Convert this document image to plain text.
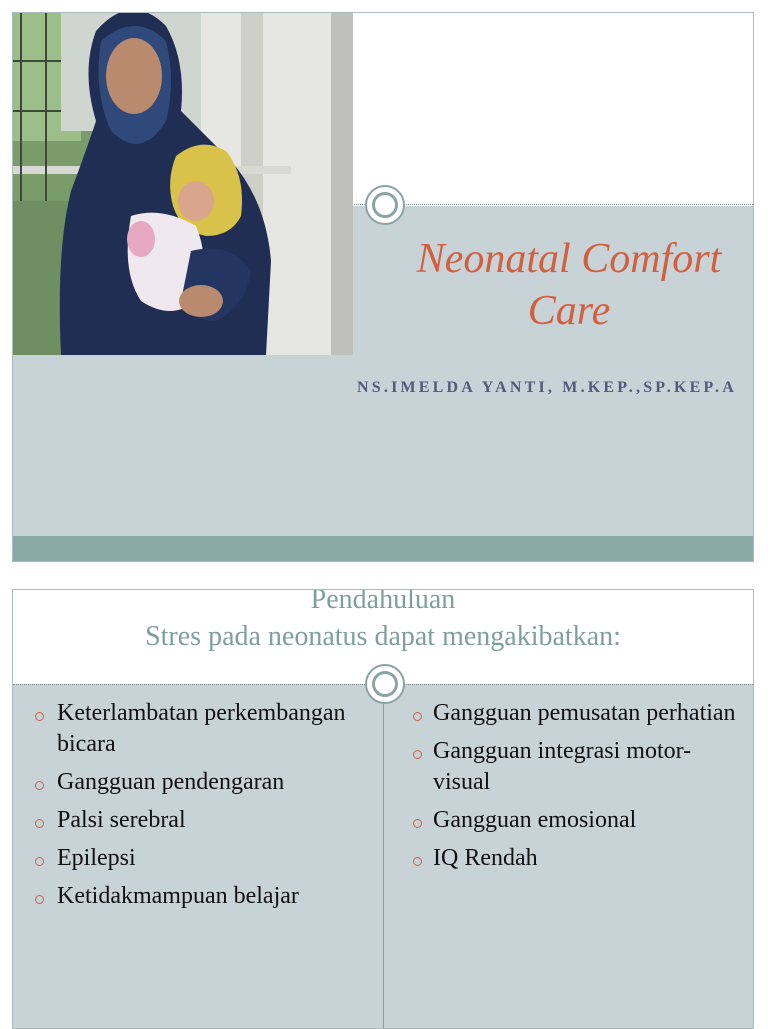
Neonatal Comfort Care
NS.IMELDA YANTI, M.KEP.,SP.KEP.A
Pendahuluan
Stres pada neonatus dapat mengakibatkan:
Keterlambatan perkembangan bicara
Gangguan pendengaran
Palsi serebral
Epilepsi
Ketidakmampuan belajar
Gangguan pemusatan perhatian
Gangguan integrasi motor-visual
Gangguan emosional
IQ Rendah
